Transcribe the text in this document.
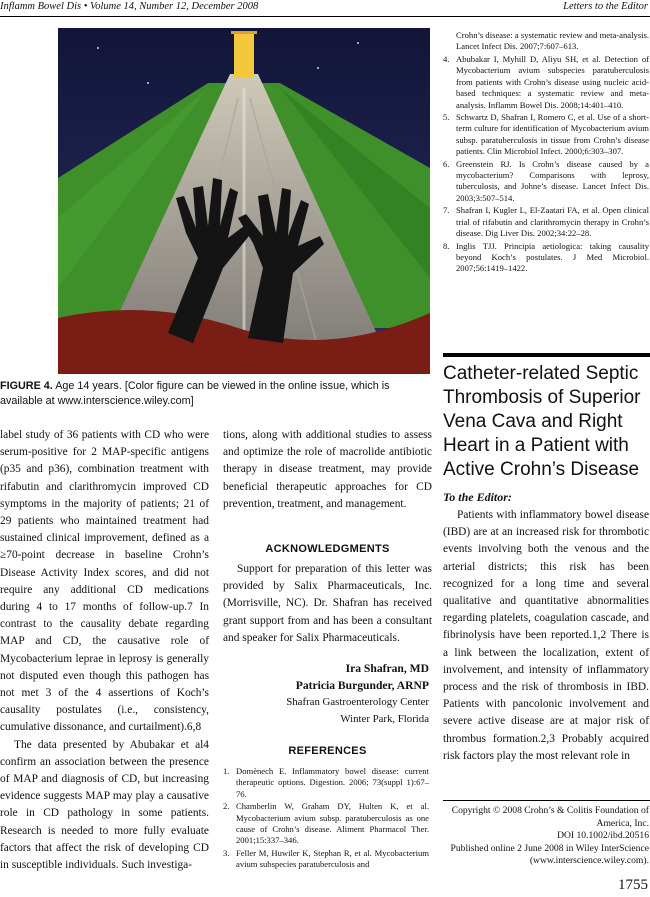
Inflamm Bowel Dis • Volume 14, Number 12, December 2008	Letters to the Editor
FIGURE 4. Age 14 years. [Color figure can be viewed in the online issue, which is available at www.interscience.wiley.com]

label study of 36 patients with CD who were serum-positive for 2 MAP-specific antigens (p35 and p36), combination treatment with rifabutin and clarithromycin improved CD symptoms in the majority of patients; 21 of 29 patients who maintained treatment had sustained clinical improvement, defined as a ≥70-point decrease in baseline Crohn’s Disease Activity Index scores, and did not require any additional CD medications during 4 to 17 months of follow-up.7 In contrast to the causality debate regarding MAP and CD, the causative role of Mycobacterium leprae in leprosy is generally not disputed even though this pathogen has not met 3 of the 4 assertions of Koch’s causality postulates (i.e., consistency, cumulative dissonance, and curtailment).6,8

The data presented by Abubakar et al4 confirm an association between the presence of MAP and diagnosis of CD, but increasing evidence suggests MAP may play a causative role in CD pathology in some patients. Research is needed to more fully evaluate factors that affect the risk of developing CD in susceptible individuals. Such investiga-

tions, along with additional studies to assess and optimize the role of macrolide antibiotic therapy in disease treatment, may provide beneficial therapeutic approaches for CD prevention, treatment, and management.

ACKNOWLEDGMENTS

Support for preparation of this letter was provided by Salix Pharmaceuticals, Inc. (Morrisville, NC). Dr. Shafran has received grant support from and has been a consultant and speaker for Salix Pharmaceuticals.

Ira Shafran, MD
Patricia Burgunder, ARNP
Shafran Gastroenterology Center
Winter Park, Florida
REFERENCES
1. Domènech E. Inflammatory bowel disease: current therapeutic options. Digestion. 2006; 73(suppl 1):67–76.
2. Chamberlin W, Graham DY, Hulten K, et al. Mycobacterium avium subsp. paratuberculosis as one cause of Crohn’s disease. Aliment Pharmacol Ther. 2001;15:337–346.
3. Feller M, Huwiler K, Stephan R, et al. Mycobacterium avium subspecies paratuberculosis and
Crohn’s disease: a systematic review and meta-analysis. Lancet Infect Dis. 2007;7:607–613.
4. Abubakar I, Myhill D, Aliyu SH, et al. Detection of Mycobacterium avium subspecies paratuberculosis from patients with Crohn’s disease using nucleic acid-based techniques: a systematic review and meta-analysis. Inflamm Bowel Dis. 2008;14:401–410.
5. Schwartz D, Shafran I, Romero C, et al. Use of a short-term culture for identification of Mycobacterium avium subsp. paratuberculosis in tissue from Crohn’s disease patients. Clin Microbiol Infect. 2000;6:303–307.
6. Greenstein RJ. Is Crohn’s disease caused by a mycobacterium? Comparisons with leprosy, tuberculosis, and Johne’s disease. Lancet Infect Dis. 2003;3:507–514.
7. Shafran I, Kugler L, El-Zaatari FA, et al. Open clinical trial of rifabutin and clarithromycin therapy in Crohn’s disease. Dig Liver Dis. 2002;34:22–28.
8. Inglis TJJ. Principia aetiologica: taking causality beyond Koch’s postulates. J Med Microbiol. 2007;56:1419–1422.
Catheter-related Septic Thrombosis of Superior Vena Cava and Right Heart in a Patient with Active Crohn’s Disease
To the Editor:

Patients with inflammatory bowel disease (IBD) are at an increased risk for thrombotic events involving both the venous and the arterial districts; this risk has been recognized for a long time and several qualitative and quantitative abnormalities regarding platelets, coagulation cascade, and fibrinolysis have been reported.1,2 There is a link between the localization, extent of involvement, and intensity of inflammatory process and the risk of thrombosis in IBD. Patients with pancolonic involvement and severe active disease are at major risk of thrombus formation.2,3 Probably acquired risk factors play the most relevant role in

Copyright © 2008 Crohn’s & Colitis Foundation of America, Inc.
DOI 10.1002/ibd.20516
Published online 2 June 2008 in Wiley InterScience (www.interscience.wiley.com).
1755
